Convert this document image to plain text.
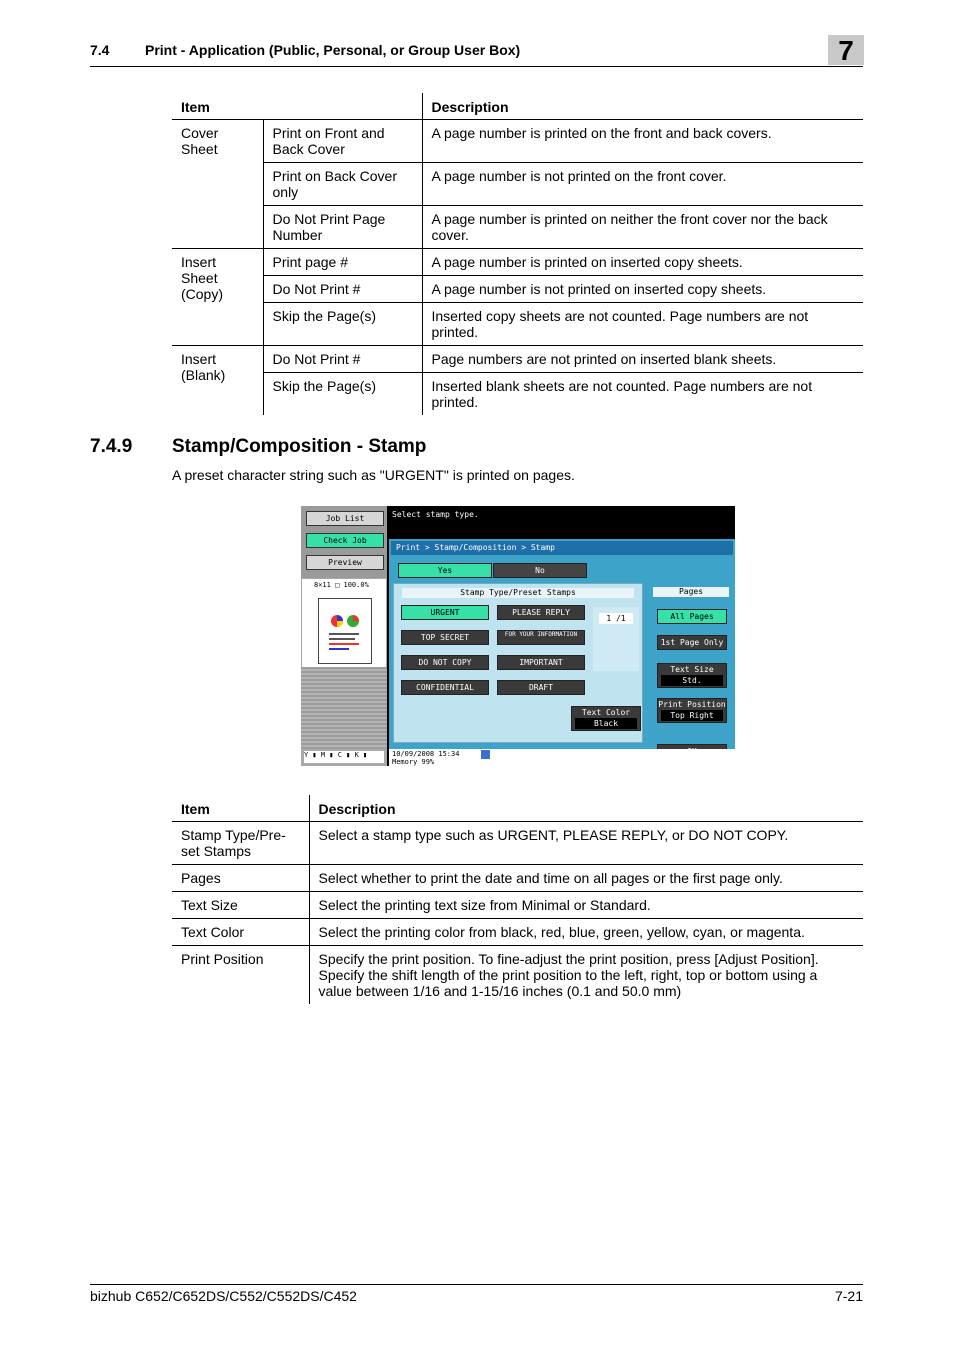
7.4	Print - Application (Public, Personal, or Group User Box)	7
Item		Description
Cover Sheet	Print on Front and Back Cover	A page number is printed on the front and back covers.
	Print on Back Cover only	A page number is not printed on the front cover.
	Do Not Print Page Number	A page number is printed on neither the front cover nor the back cover.
Insert Sheet (Copy)	Print page #	A page number is printed on inserted copy sheets.
	Do Not Print #	A page number is not printed on inserted copy sheets.
	Skip the Page(s)	Inserted copy sheets are not counted. Page numbers are not printed.
Insert (Blank)	Do Not Print #	Page numbers are not printed on inserted blank sheets.
	Skip the Page(s)	Inserted blank sheets are not counted. Page numbers are not printed.
7.4.9 Stamp/Composition - Stamp
A preset character string such as "URGENT" is printed on pages.
Job List
Check Job
Preview
8×11 □ 100.0%
Y ▮ M ▮ C ▮ K ▮
Select stamp type.
Print > Stamp/Composition > Stamp
Yes	No
Stamp Type/Preset Stamps
URGENT	PLEASE REPLY
TOP SECRET	FOR YOUR INFORMATION
DO NOT COPY	IMPORTANT
CONFIDENTIAL	DRAFT
1 /1
Pages
All Pages
1st Page Only
Text Size
Std.
Print Position
Top Right
Text Color
Black
10/09/2008 15:34
Memory 99%
Item	Description
Stamp Type/Pre-set Stamps	Select a stamp type such as URGENT, PLEASE REPLY, or DO NOT COPY.
Pages	Select whether to print the date and time on all pages or the first page only.
Text Size	Select the printing text size from Minimal or Standard.
Text Color	Select the printing color from black, red, blue, green, yellow, cyan, or magenta.
Print Position	Specify the print position. To fine-adjust the print position, press [Adjust Position]. Specify the shift length of the print position to the left, right, top or bottom using a value between 1/16 and 1-15/16 inches (0.1 and 50.0 mm)
bizhub C652/C652DS/C552/C552DS/C452	7-21
